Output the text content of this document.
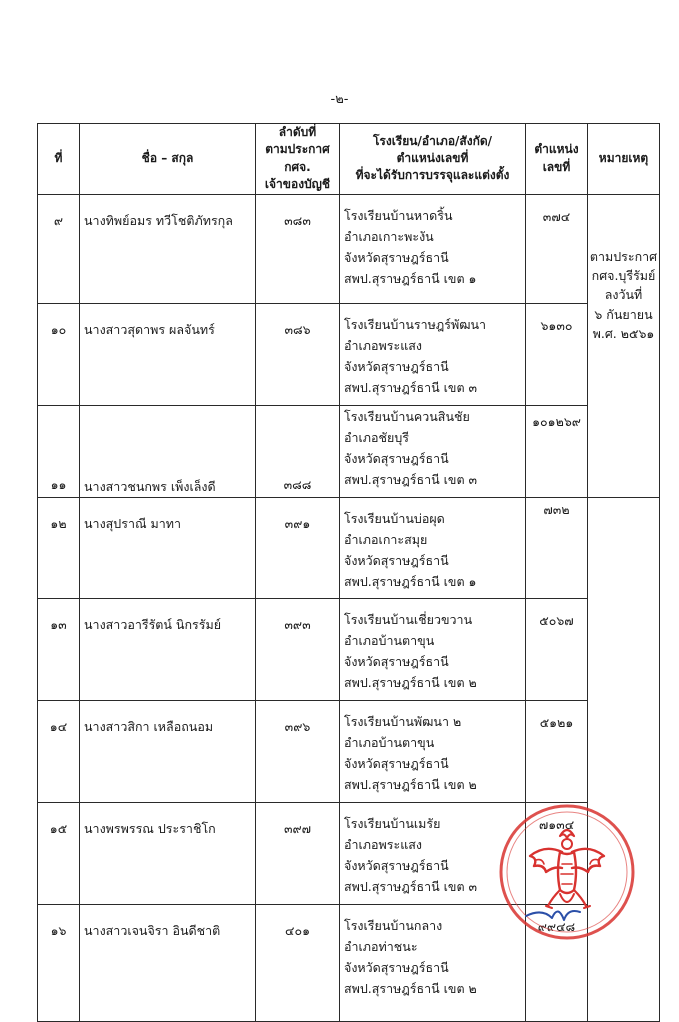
-๒-
ที่	ชื่อ – สกุล	ลำดับที่
ตามประกาศ กศจ.
เจ้าของบัญชี	โรงเรียน/อำเภอ/สังกัด/
ตำแหน่งเลขที่
ที่จะได้รับการบรรจุและแต่งตั้ง	ตำแหน่ง
เลขที่	หมายเหตุ
๙	นางทิพย์อมร ทวีโชติภัทรกุล	๓๘๓	โรงเรียนบ้านหาดริ้น
อำเภอเกาะพะงัน
จังหวัดสุราษฎร์ธานี
สพป.สุราษฎร์ธานี เขต ๑	๓๗๔	ตามประกาศ
กศจ.บุรีรัมย์
ลงวันที่
๖ กันยายน
พ.ศ. ๒๕๖๑

๑๐	นางสาวสุดาพร ผลจันทร์	๓๘๖	โรงเรียนบ้านราษฎร์พัฒนา
อำเภอพระแสง
จังหวัดสุราษฎร์ธานี
สพป.สุราษฎร์ธานี เขต ๓	๖๑๓๐	
๑๑	นางสาวชนกพร เพ็งเล็งดี	๓๘๘	โรงเรียนบ้านควนสินชัย
อำเภอชัยบุรี
จังหวัดสุราษฎร์ธานี
สพป.สุราษฎร์ธานี เขต ๓	๑๐๑๒๖๙	
๑๒	นางสุปราณี มาทา	๓๙๑	โรงเรียนบ้านบ่อผุด
อำเภอเกาะสมุย
จังหวัดสุราษฎร์ธานี
สพป.สุราษฎร์ธานี เขต ๑	๗๓๒	
๑๓	นางสาวอารีรัตน์ นิกรรัมย์	๓๙๓	โรงเรียนบ้านเชี่ยวขวาน
อำเภอบ้านตาขุน
จังหวัดสุราษฎร์ธานี
สพป.สุราษฎร์ธานี เขต ๒	๕๐๖๗	
๑๔	นางสาวสิกา เหลือถนอม	๓๙๖	โรงเรียนบ้านพัฒนา ๒
อำเภอบ้านตาขุน
จังหวัดสุราษฎร์ธานี
สพป.สุราษฎร์ธานี เขต ๒	๕๑๒๑	
๑๕	นางพรพรรณ ประราชิโก	๓๙๗	โรงเรียนบ้านเมรัย
อำเภอพระแสง
จังหวัดสุราษฎร์ธานี
สพป.สุราษฎร์ธานี เขต ๓	๗๑๓๔	
๑๖	นางสาวเจนจิรา อินดีชาติ	๔๐๑	โรงเรียนบ้านกลาง
อำเภอท่าชนะ
จังหวัดสุราษฎร์ธานี
สพป.สุราษฎร์ธานี เขต ๒	๙๙๔๘	
